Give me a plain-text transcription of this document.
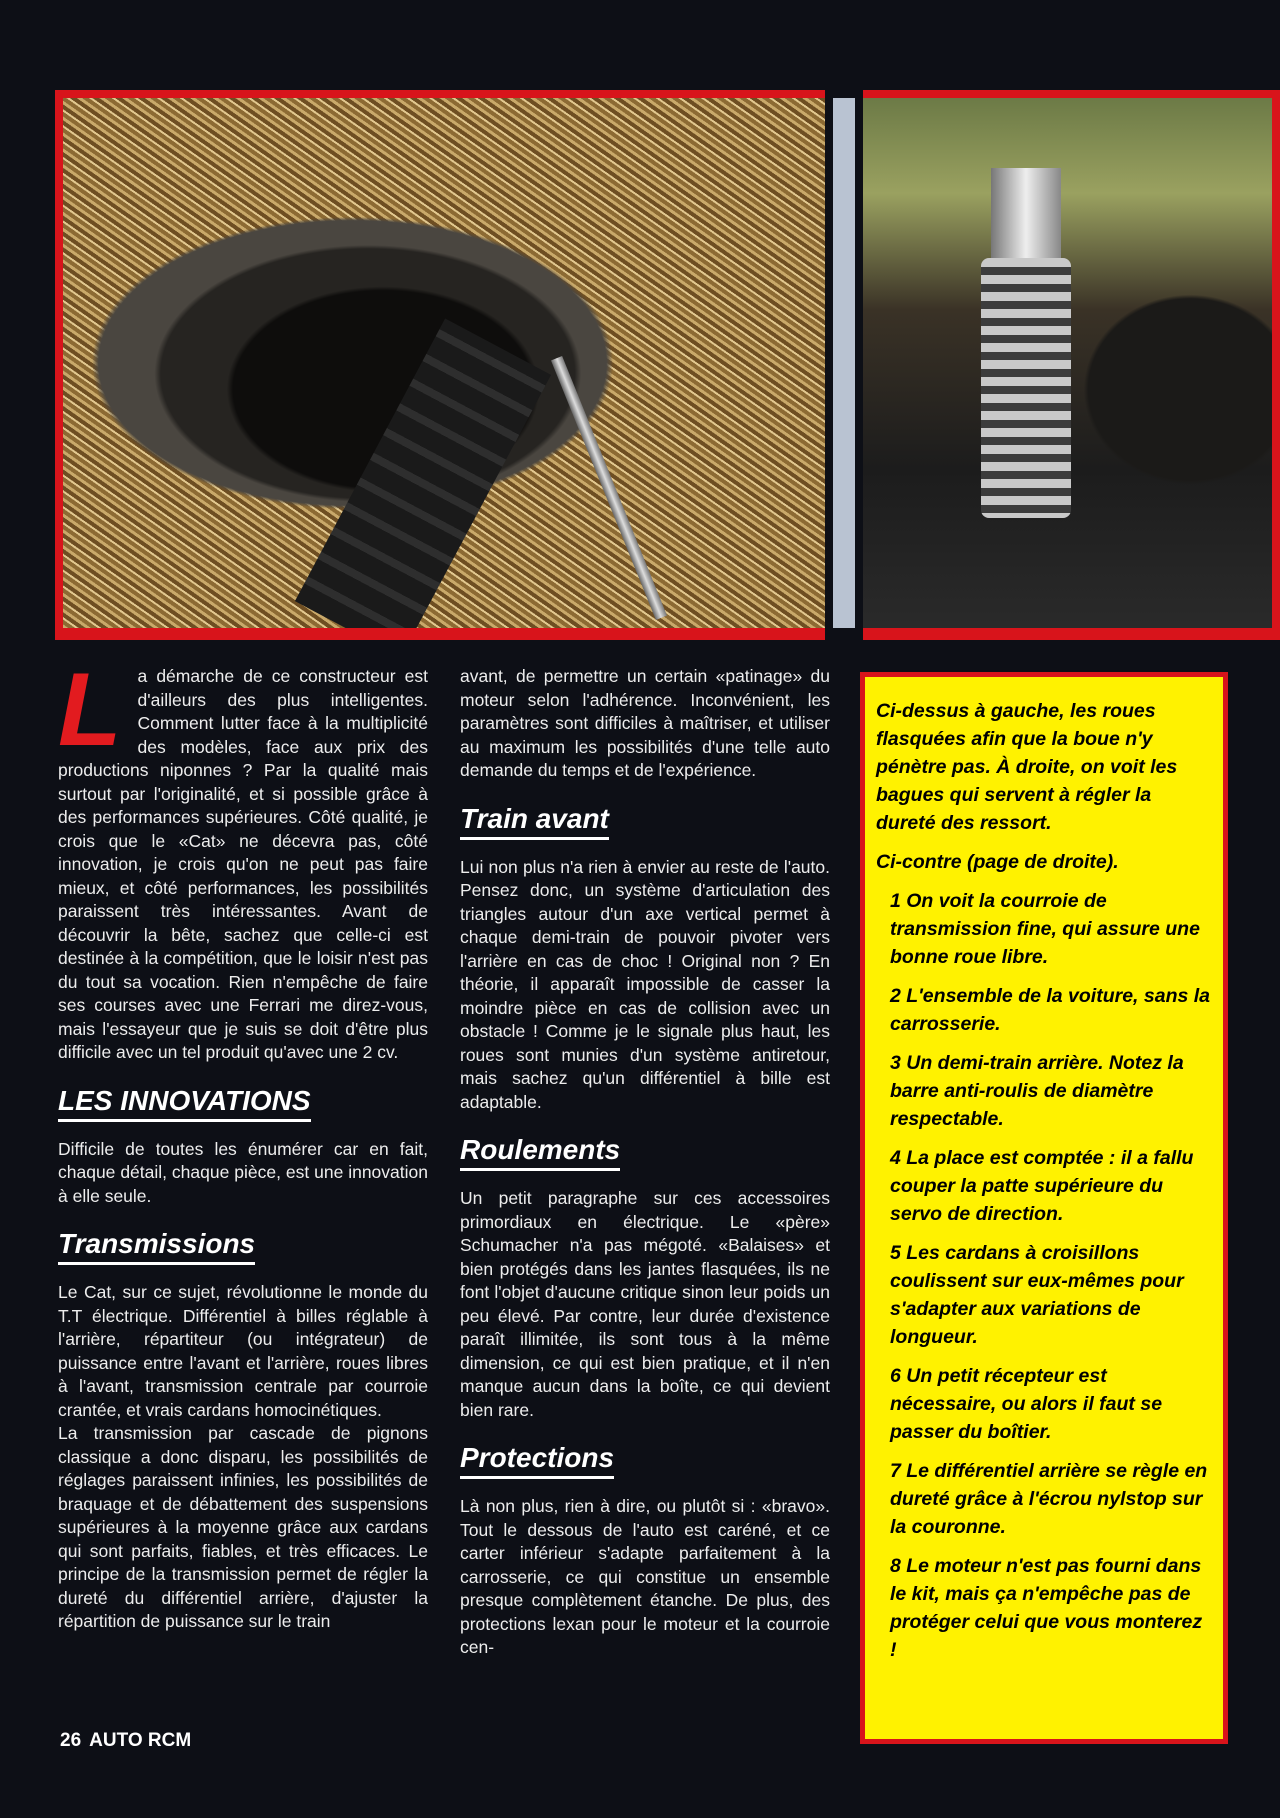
La démarche de ce constructeur est d'ailleurs des plus intelligentes. Comment lutter face à la multiplicité des modèles, face aux prix des productions niponnes ? Par la qualité mais surtout par l'originalité, et si possible grâce à des performances supérieures. Côté qualité, je crois que le «Cat» ne décevra pas, côté innovation, je crois qu'on ne peut pas faire mieux, et côté performances, les possibilités paraissent très intéressantes. Avant de découvrir la bête, sachez que celle-ci est destinée à la compétition, que le loisir n'est pas du tout sa vocation. Rien n'empêche de faire ses courses avec une Ferrari me direz-vous, mais l'essayeur que je suis se doit d'être plus difficile avec un tel produit qu'avec une 2 cv.

LES INNOVATIONS

Difficile de toutes les énumérer car en fait, chaque détail, chaque pièce, est une innovation à elle seule.

Transmissions

Le Cat, sur ce sujet, révolutionne le monde du T.T électrique. Différentiel à billes réglable à l'arrière, répartiteur (ou intégrateur) de puissance entre l'avant et l'arrière, roues libres à l'avant, transmission centrale par courroie crantée, et vrais cardans homocinétiques.

La transmission par cascade de pignons classique a donc disparu, les possibilités de réglages paraissent infinies, les possibilités de braquage et de débattement des suspensions supérieures à la moyenne grâce aux cardans qui sont parfaits, fiables, et très efficaces. Le principe de la transmission permet de régler la dureté du différentiel arrière, d'ajuster la répartition de puissance sur le train

avant, de permettre un certain «patinage» du moteur selon l'adhérence. Inconvénient, les paramètres sont difficiles à maîtriser, et utiliser au maximum les possibilités d'une telle auto demande du temps et de l'expérience.

Train avant

Lui non plus n'a rien à envier au reste de l'auto. Pensez donc, un système d'articulation des triangles autour d'un axe vertical permet à chaque demi-train de pouvoir pivoter vers l'arrière en cas de choc ! Original non ? En théorie, il apparaît impossible de casser la moindre pièce en cas de collision avec un obstacle ! Comme je le signale plus haut, les roues sont munies d'un système antiretour, mais sachez qu'un différentiel à bille est adaptable.

Roulements

Un petit paragraphe sur ces accessoires primordiaux en électrique. Le «père» Schumacher n'a pas mégoté. «Balaises» et bien protégés dans les jantes flasquées, ils ne font l'objet d'aucune critique sinon leur poids un peu élevé. Par contre, leur durée d'existence paraît illimitée, ils sont tous à la même dimension, ce qui est bien pratique, et il n'en manque aucun dans la boîte, ce qui devient bien rare.

Protections

Là non plus, rien à dire, ou plutôt si : «bravo». Tout le dessous de l'auto est caréné, et ce carter inférieur s'adapte parfaitement à la carrosserie, ce qui constitue un ensemble presque complètement étanche. De plus, des protections lexan pour le moteur et la courroie cen-

Ci-dessus à gauche, les roues flasquées afin que la boue n'y pénètre pas. À droite, on voit les bagues qui servent à régler la dureté des ressort.

Ci-contre (page de droite).

1 On voit la courroie de transmission fine, qui assure une bonne roue libre.

2 L'ensemble de la voiture, sans la carrosserie.

3 Un demi-train arrière. Notez la barre anti-roulis de diamètre respectable.

4 La place est comptée : il a fallu couper la patte supérieure du servo de direction.

5 Les cardans à croisillons coulissent sur eux-mêmes pour s'adapter aux variations de longueur.

6 Un petit récepteur est nécessaire, ou alors il faut se passer du boîtier.

7 Le différentiel arrière se règle en dureté grâce à l'écrou nylstop sur la couronne.

8 Le moteur n'est pas fourni dans le kit, mais ça n'empêche pas de protéger celui que vous monterez !

26 AUTO RCM
